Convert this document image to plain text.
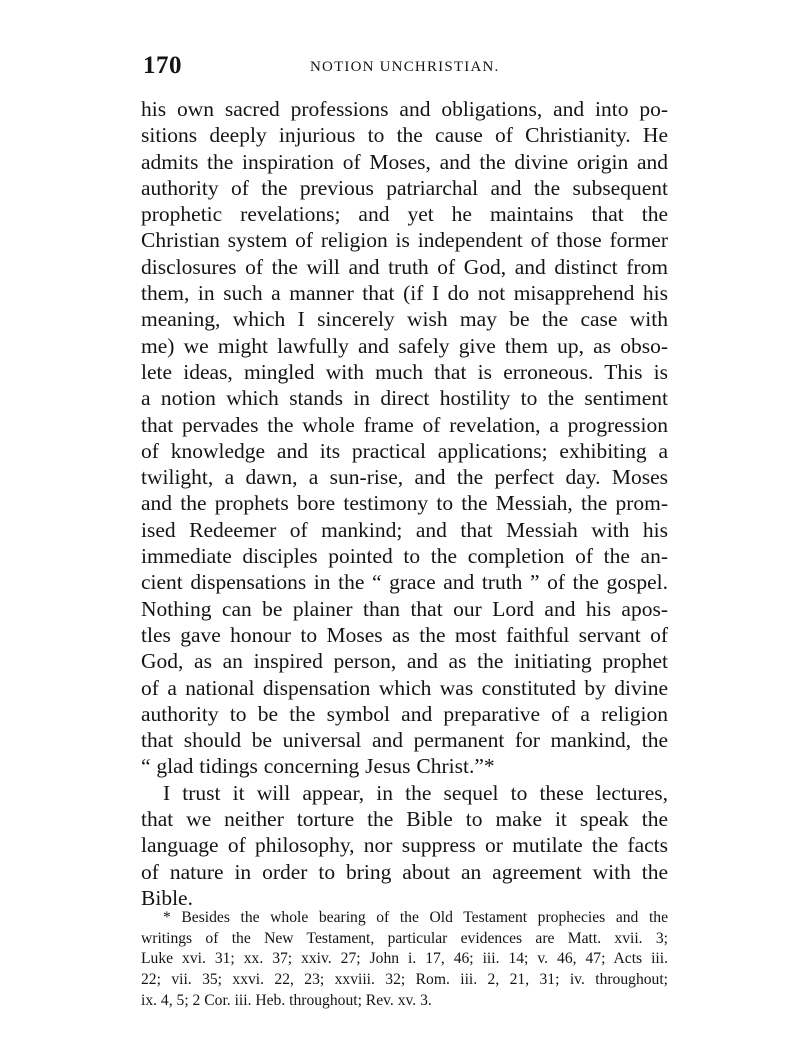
170	NOTION UNCHRISTIAN.
his own sacred professions and obligations, and into po-
sitions deeply injurious to the cause of Christianity. He
admits the inspiration of Moses, and the divine origin and
authority of the previous patriarchal and the subsequent
prophetic revelations; and yet he maintains that the
Christian system of religion is independent of those former
disclosures of the will and truth of God, and distinct from
them, in such a manner that (if I do not misapprehend his
meaning, which I sincerely wish may be the case with
me) we might lawfully and safely give them up, as obso-
lete ideas, mingled with much that is erroneous. This is
a notion which stands in direct hostility to the sentiment
that pervades the whole frame of revelation, a progression
of knowledge and its practical applications; exhibiting a
twilight, a dawn, a sun-rise, and the perfect day. Moses
and the prophets bore testimony to the Messiah, the prom-
ised Redeemer of mankind; and that Messiah with his
immediate disciples pointed to the completion of the an-
cient dispensations in the “ grace and truth ” of the gospel.
Nothing can be plainer than that our Lord and his apos-
tles gave honour to Moses as the most faithful servant of
God, as an inspired person, and as the initiating prophet
of a national dispensation which was constituted by divine
authority to be the symbol and preparative of a religion
that should be universal and permanent for mankind, the
“ glad tidings concerning Jesus Christ.”*
I trust it will appear, in the sequel to these lectures,
that we neither torture the Bible to make it speak the
language of philosophy, nor suppress or mutilate the facts
of nature in order to bring about an agreement with the
Bible.
* Besides the whole bearing of the Old Testament prophecies and the
writings of the New Testament, particular evidences are Matt. xvii. 3;
Luke xvi. 31; xx. 37; xxiv. 27; John i. 17, 46; iii. 14; v. 46, 47; Acts iii.
22; vii. 35; xxvi. 22, 23; xxviii. 32; Rom. iii. 2, 21, 31; iv. throughout;
ix. 4, 5; 2 Cor. iii. Heb. throughout; Rev. xv. 3.
